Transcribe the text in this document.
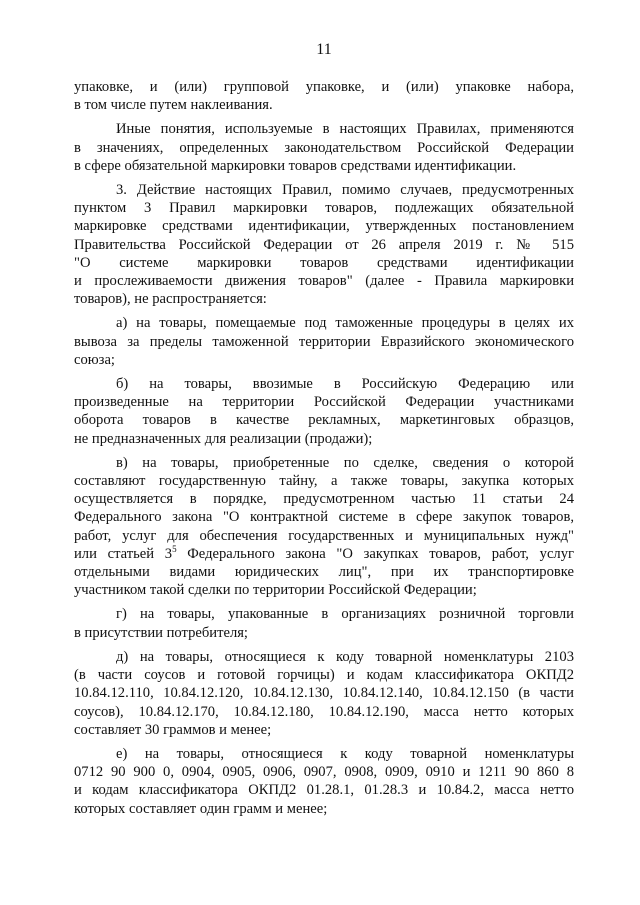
11
упаковке, и (или) групповой упаковке, и (или) упаковке набора,
в том числе путем наклеивания.
Иные понятия, используемые в настоящих Правилах, применяются
в значениях, определенных законодательством Российской Федерации
в сфере обязательной маркировки товаров средствами идентификации.
3. Действие настоящих Правил, помимо случаев, предусмотренных
пунктом 3 Правил маркировки товаров, подлежащих обязательной
маркировке средствами идентификации, утвержденных постановлением
Правительства Российской Федерации от 26 апреля 2019 г. № 515
"О системе маркировки товаров средствами идентификации
и прослеживаемости движения товаров" (далее - Правила маркировки
товаров), не распространяется:
а) на товары, помещаемые под таможенные процедуры в целях их
вывоза за пределы таможенной территории Евразийского экономического
союза;
б) на товары, ввозимые в Российскую Федерацию или
произведенные на территории Российской Федерации участниками
оборота товаров в качестве рекламных, маркетинговых образцов,
не предназначенных для реализации (продажи);
в) на товары, приобретенные по сделке, сведения о которой
составляют государственную тайну, а также товары, закупка которых
осуществляется в порядке, предусмотренном частью 11 статьи 24
Федерального закона "О контрактной системе в сфере закупок товаров,
работ, услуг для обеспечения государственных и муниципальных нужд"
или статьей $3^5$ Федерального закона "О закупках товаров, работ, услуг
отдельными видами юридических лиц", при их транспортировке
участником такой сделки по территории Российской Федерации;
г) на товары, упакованные в организациях розничной торговли
в присутствии потребителя;
д) на товары, относящиеся к коду товарной номенклатуры 2103
(в части соусов и готовой горчицы) и кодам классификатора ОКПД2
10.84.12.110, 10.84.12.120, 10.84.12.130, 10.84.12.140, 10.84.12.150 (в части
соусов), 10.84.12.170, 10.84.12.180, 10.84.12.190, масса нетто которых
составляет 30 граммов и менее;
е) на товары, относящиеся к коду товарной номенклатуры
0712 90 900 0, 0904, 0905, 0906, 0907, 0908, 0909, 0910 и 1211 90 860 8
и кодам классификатора ОКПД2 01.28.1, 01.28.3 и 10.84.2, масса нетто
которых составляет один грамм и менее;
